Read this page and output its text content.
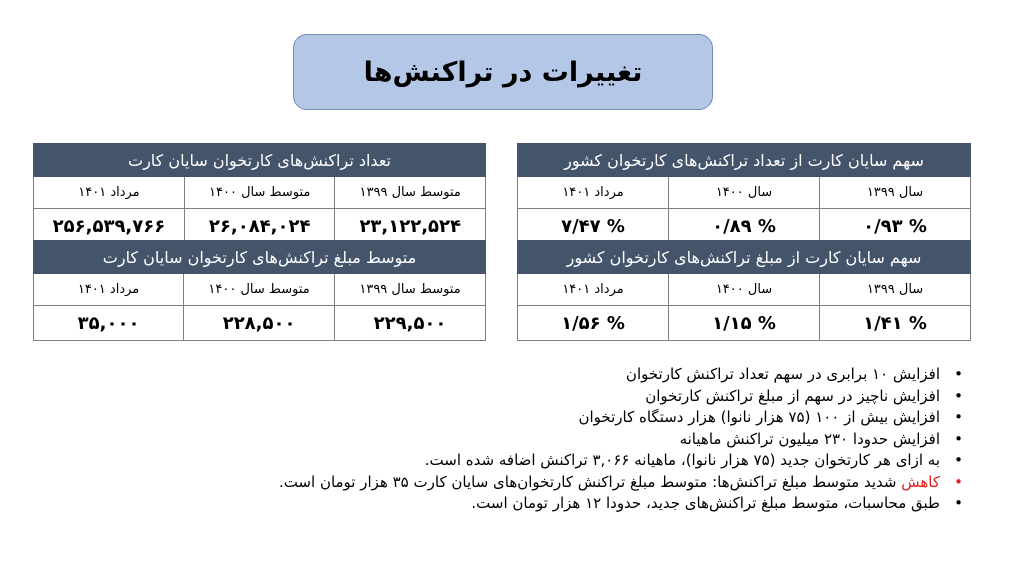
تغییرات در تراکنش‌ها
تعداد تراکنش‌های کارتخوان سایان کارت		
متوسط سال ۱۳۹۹	متوسط سال ۱۴۰۰	مرداد ۱۴۰۱
۲۳,۱۲۲,۵۲۴	۲۶,۰۸۴,۰۲۴	۲۵۶,۵۳۹,۷۶۶
متوسط مبلغ تراکنش‌های کارتخوان سایان کارت		
متوسط سال ۱۳۹۹	متوسط سال ۱۴۰۰	مرداد ۱۴۰۱
۲۲۹,۵۰۰	۲۲۸,۵۰۰	۳۵,۰۰۰
سهم سایان کارت از تعداد تراکنش‌های کارتخوان کشور		
سال ۱۳۹۹	سال ۱۴۰۰	مرداد ۱۴۰۱
% ۰/۹۳	% ۰/۸۹	% ۷/۴۷
سهم سایان کارت از مبلغ تراکنش‌های کارتخوان کشور		
سال ۱۳۹۹	سال ۱۴۰۰	مرداد ۱۴۰۱
% ۱/۴۱	% ۱/۱۵	% ۱/۵۶
•
افزایش ۱۰ برابری در سهم تعداد تراکنش کارتخوان
•
افزایش ناچیز در سهم از مبلغ تراکنش کارتخوان
•
افزایش بیش از ۱۰۰ (۷۵ هزار نانوا) هزار دستگاه کارتخوان
•
افزایش حدودا ۲۳۰ میلیون تراکنش ماهیانه
•
به ازای هر کارتخوان جدید (۷۵ هزار نانوا)، ماهیانه ۳,۰۶۶ تراکنش اضافه شده است.
•
کاهش شدید متوسط مبلغ تراکنش‌ها: متوسط مبلغ تراکنش کارتخوان‌های سایان کارت ۳۵ هزار تومان است.
•
طبق محاسبات، متوسط مبلغ تراکنش‌های جدید، حدودا ۱۲ هزار تومان است.
